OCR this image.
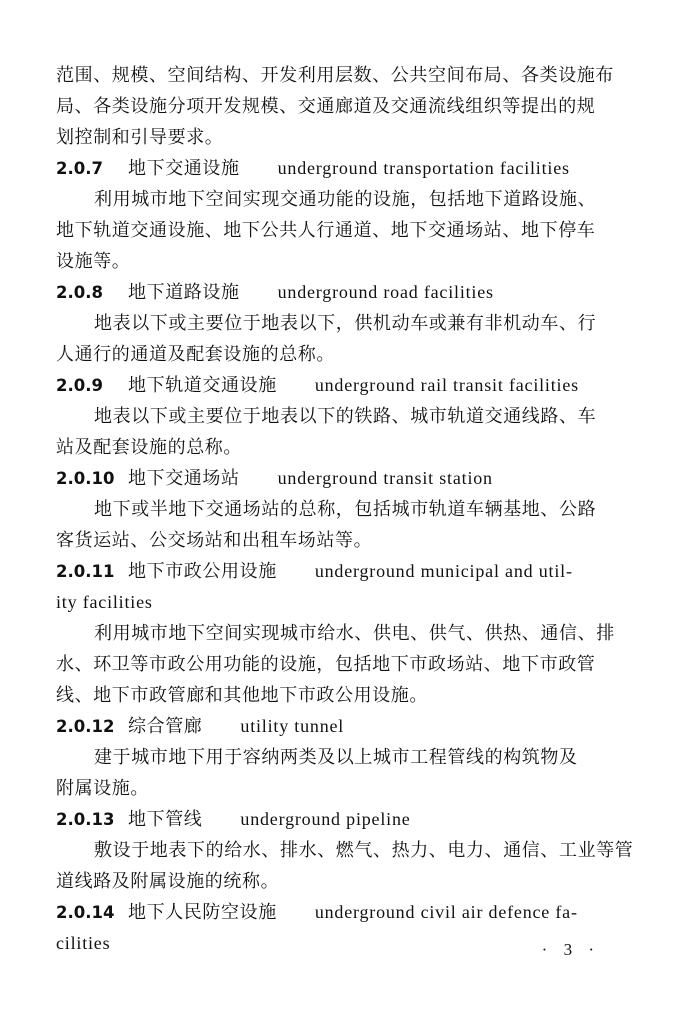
范围、规模、空间结构、开发利用层数、公共空间布局、各类设施布
局、各类设施分项开发规模、交通廊道及交通流线组织等提出的规
划控制和引导要求。
2.0.7 地下交通设施 underground transportation facilities
利用城市地下空间实现交通功能的设施，包括地下道路设施、
地下轨道交通设施、地下公共人行通道、地下交通场站、地下停车
设施等。
2.0.8 地下道路设施 underground road facilities
地表以下或主要位于地表以下，供机动车或兼有非机动车、行
人通行的通道及配套设施的总称。
2.0.9 地下轨道交通设施 underground rail transit facilities
地表以下或主要位于地表以下的铁路、城市轨道交通线路、车
站及配套设施的总称。
2.0.10 地下交通场站 underground transit station
地下或半地下交通场站的总称，包括城市轨道车辆基地、公路
客货运站、公交场站和出租车场站等。
2.0.11 地下市政公用设施 underground municipal and util-
ity facilities
利用城市地下空间实现城市给水、供电、供气、供热、通信、排
水、环卫等市政公用功能的设施，包括地下市政场站、地下市政管
线、地下市政管廊和其他地下市政公用设施。
2.0.12 综合管廊 utility tunnel
建于城市地下用于容纳两类及以上城市工程管线的构筑物及
附属设施。
2.0.13 地下管线 underground pipeline
敷设于地表下的给水、排水、燃气、热力、电力、通信、工业等管
道线路及附属设施的统称。
2.0.14 地下人民防空设施 underground civil air defence fa-
cilities	· 3 ·
